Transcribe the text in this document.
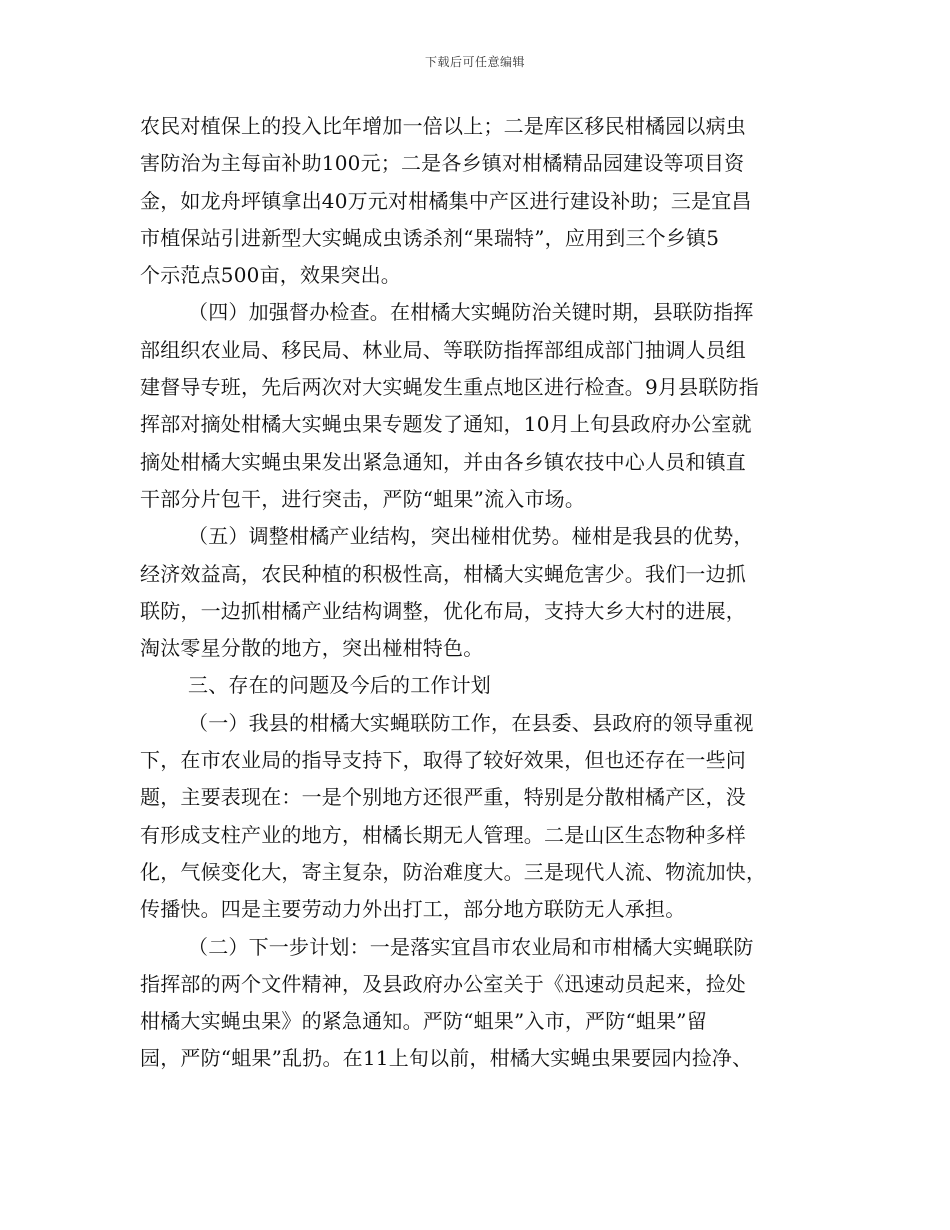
下载后可任意编辑
农民对植保上的投入比年增加一倍以上；二是库区移民柑橘园以病虫
害防治为主每亩补助100元；二是各乡镇对柑橘精品园建设等项目资
金，如龙舟坪镇拿出40万元对柑橘集中产区进行建设补助；三是宜昌
市植保站引进新型大实蝇成虫诱杀剂“果瑞特”，应用到三个乡镇5
个示范点500亩，效果突出。
（四）加强督办检查。在柑橘大实蝇防治关键时期，县联防指挥
部组织农业局、移民局、林业局、等联防指挥部组成部门抽调人员组
建督导专班，先后两次对大实蝇发生重点地区进行检查。9月县联防指
挥部对摘处柑橘大实蝇虫果专题发了通知，10月上旬县政府办公室就
摘处柑橘大实蝇虫果发出紧急通知，并由各乡镇农技中心人员和镇直
干部分片包干，进行突击，严防“蛆果”流入市场。
（五）调整柑橘产业结构，突出椪柑优势。椪柑是我县的优势，
经济效益高，农民种植的积极性高，柑橘大实蝇危害少。我们一边抓
联防，一边抓柑橘产业结构调整，优化布局，支持大乡大村的进展，
淘汰零星分散的地方，突出椪柑特色。
三、存在的问题及今后的工作计划
（一）我县的柑橘大实蝇联防工作，在县委、县政府的领导重视
下，在市农业局的指导支持下，取得了较好效果，但也还存在一些问
题，主要表现在：一是个别地方还很严重，特别是分散柑橘产区，没
有形成支柱产业的地方，柑橘长期无人管理。二是山区生态物种多样
化，气候变化大，寄主复杂，防治难度大。三是现代人流、物流加快，
传播快。四是主要劳动力外出打工，部分地方联防无人承担。
（二）下一步计划：一是落实宜昌市农业局和市柑橘大实蝇联防
指挥部的两个文件精神，及县政府办公室关于《迅速动员起来，捡处
柑橘大实蝇虫果》的紧急通知。严防“蛆果”入市，严防“蛆果”留
园，严防“蛆果”乱扔。在11上旬以前，柑橘大实蝇虫果要园内捡净、
